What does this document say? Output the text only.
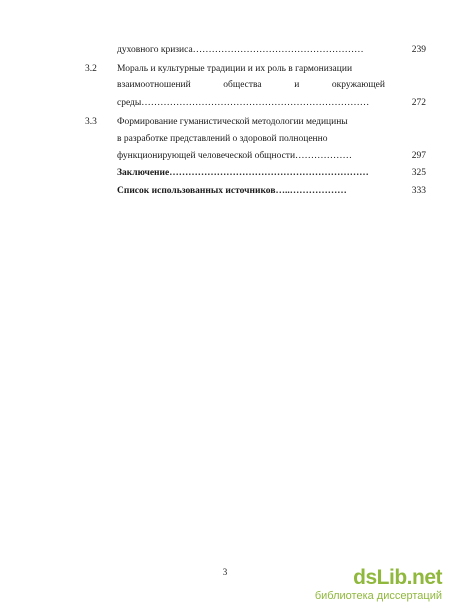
духовного кризиса………………………………………………	239
3.2 Мораль и культурные традиции и их роль в гармонизации
взаимоотношений	общества	и	окружающей
среды………………………………………………………………	272
3.3 Формирование гуманистической методологии медицины
в разработке представлений о здоровой полноценно
функционирующей человеческой общности………………	297
Заключение………………………………………………………	325
Список использованных источников…..………………	333
3	dsLib.net
библиотека диссертаций
